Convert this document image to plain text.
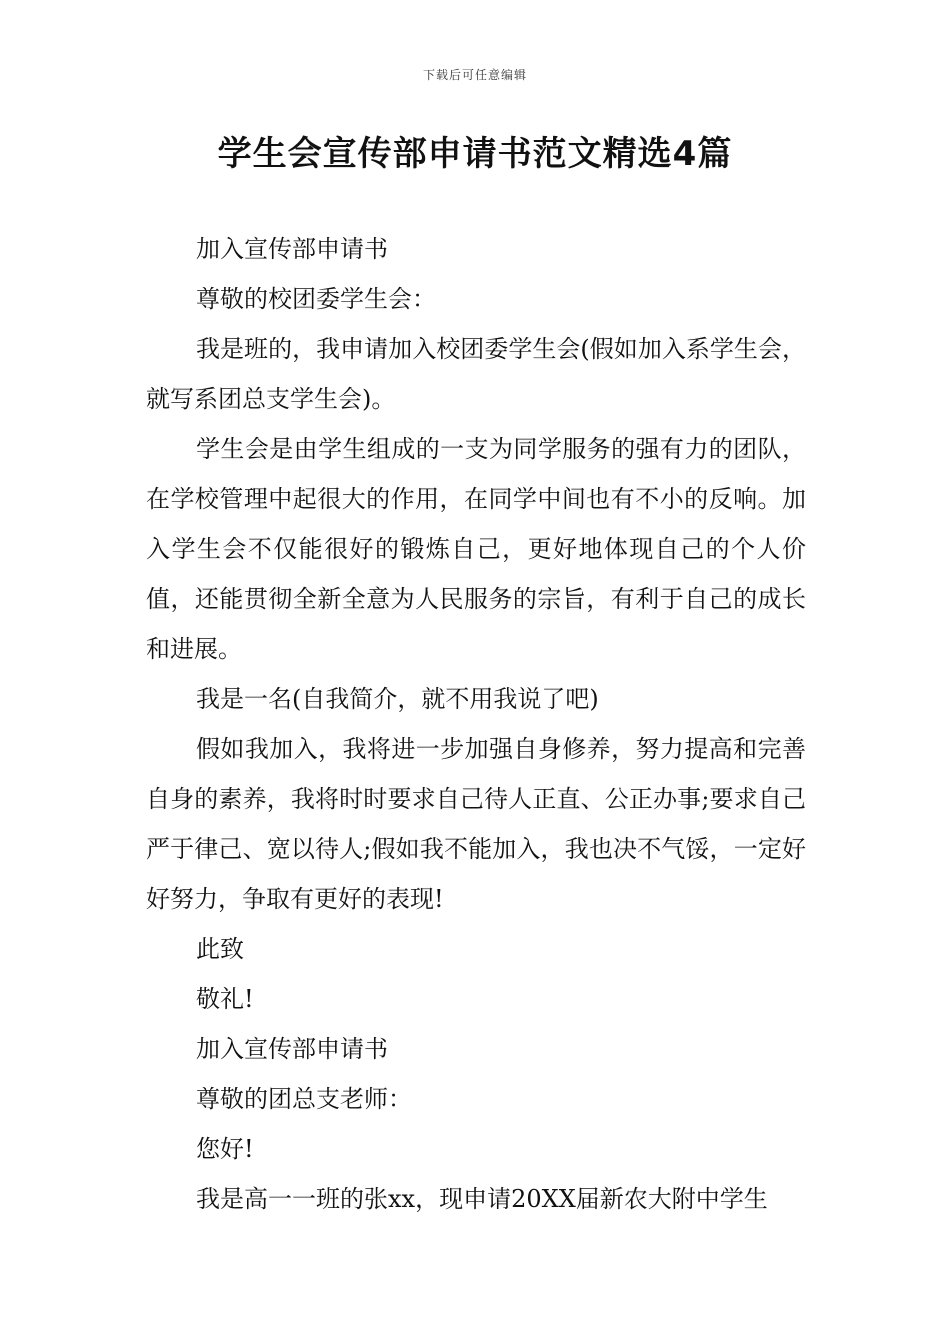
下载后可任意编辑
学生会宣传部申请书范文精选4篇

加入宣传部申请书

尊敬的校团委学生会：

我是班的，我申请加入校团委学生会(假如加入系学生会，就写系团总支学生会)。

学生会是由学生组成的一支为同学服务的强有力的团队，在学校管理中起很大的作用，在同学中间也有不小的反响。加入学生会不仅能很好的锻炼自己，更好地体现自己的个人价值，还能贯彻全新全意为人民服务的宗旨，有利于自己的成长和进展。

我是一名(自我简介，就不用我说了吧)

假如我加入，我将进一步加强自身修养，努力提高和完善自身的素养，我将时时要求自己待人正直、公正办事;要求自己严于律己、宽以待人;假如我不能加入，我也决不气馁，一定好好努力，争取有更好的表现!

此致

敬礼!

加入宣传部申请书

尊敬的团总支老师：

您好!

我是高一一班的张xx，现申请20XX届新农大附中学生
